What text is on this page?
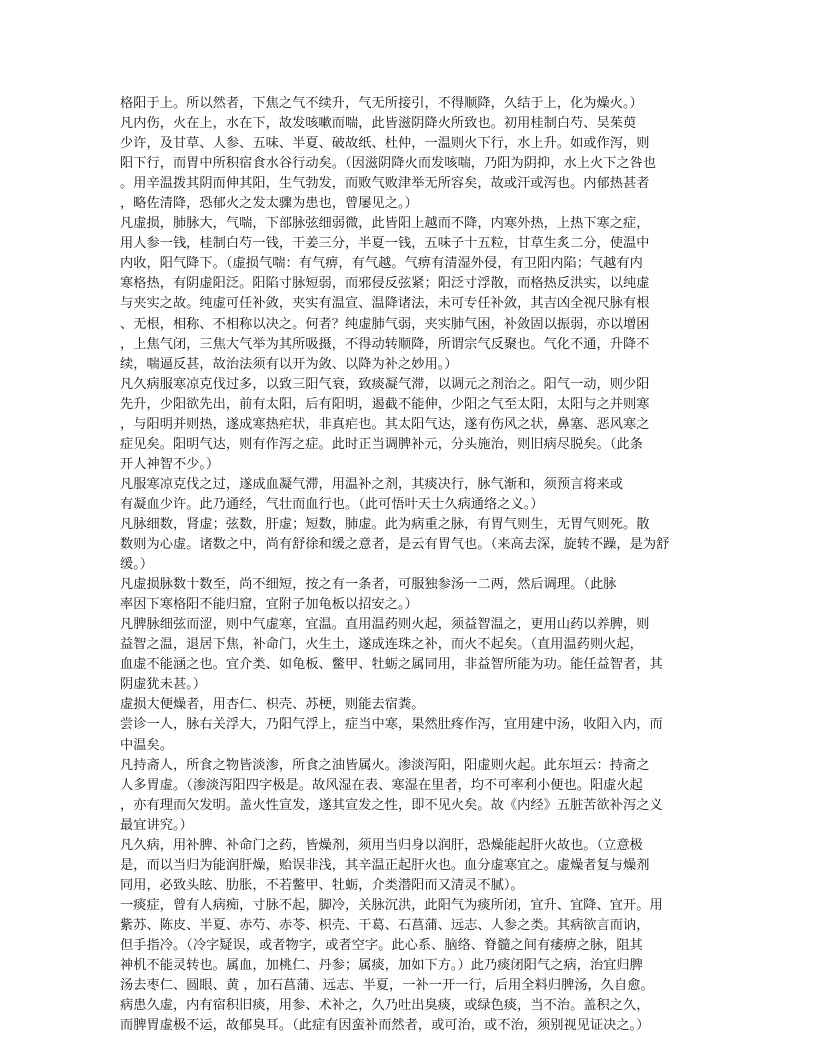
格阳于上。所以然者，下焦之气不续升，气无所接引，不得顺降，久结于上，化为燥火。）
凡内伤，火在上，水在下，故发咳嗽而喘，此皆滋阴降火所致也。初用桂制白芍、吴茱萸
少许，及甘草、人参、五味、半夏、破故纸、杜仲，一温则火下行，水上升。如或作泻，则
阳下行，而胃中所积宿食水谷行动矣。（因滋阴降火而发咳喘，乃阳为阴抑，水上火下之咎也
。用辛温拨其阴而伸其阳，生气勃发，而败气败津举无所容矣，故或汗或泻也。内郁热甚者
，略佐清降，恐郁火之发太骤为患也，曾屡见之。）
凡虚损，肺脉大，气喘，下部脉弦细弱微，此皆阳上越而不降，内寒外热，上热下寒之症，
用人参一钱，桂制白芍一钱，干姜三分，半夏一钱，五味子十五粒，甘草生炙二分，使温中
内收，阳气降下。（虚损气喘：有气痹，有气越。气痹有清湿外侵，有卫阳内陷；气越有内
寒格热，有阴虚阳泛。阳陷寸脉短弱，而邪侵反弦紧；阳泛寸浮散，而格热反洪实，以纯虚
与夹实之故。纯虚可任补敛，夹实有温宣、温降诸法，未可专任补敛，其吉凶全视尺脉有根
、无根，相称、不相称以决之。何者？纯虚肺气弱，夹实肺气困，补敛固以振弱，亦以增困
，上焦气闭，三焦大气举为其所吸摄，不得动转顺降，所谓宗气反聚也。气化不通，升降不
续，喘逼反甚，故治法须有以开为敛、以降为补之妙用。）
凡久病服寒凉克伐过多，以致三阳气衰，致痰凝气滞，以调元之剂治之。阳气一动，则少阳
先升，少阳欲先出，前有太阳，后有阳明，遏截不能伸，少阳之气至太阳，太阳与之并则寒
，与阳明并则热，遂成寒热疟状，非真疟也。其太阳气达，遂有伤风之状，鼻塞、恶风寒之
症见矣。阳明气达，则有作泻之症。此时正当调脾补元，分头施治，则旧病尽脱矣。（此条
开人神智不少。）
凡服寒凉克伐之过，遂成血凝气滞，用温补之剂，其痰决行，脉气渐和，须预言将来或
有凝血少许。此乃通经，气壮而血行也。（此可悟叶天士久病通络之义。）
凡脉细数，肾虚；弦数，肝虚；短数，肺虚。此为病重之脉，有胃气则生，无胃气则死。散
数则为心虚。诸数之中，尚有舒徐和缓之意者，是云有胃气也。（来高去深，旋转不躁，是为舒
缓。）
凡虚损脉数十数至，尚不细短，按之有一条者，可服独参汤一二两，然后调理。（此脉
率因下寒格阳不能归窟，宜附子加龟板以招安之。）
凡脾脉细弦而涩，则中气虚寒，宜温。直用温药则火起，须益智温之，更用山药以养脾，则
益智之温，退居下焦，补命门，火生土，遂成连珠之补，而火不起矣。（直用温药则火起，
血虚不能涵之也。宜介类、如龟板、鳖甲、牡蛎之属同用，非益智所能为功。能任益智者，其
阴虚犹未甚。）
虚损大便燥者，用杏仁、枳壳、苏梗，则能去宿粪。
尝诊一人，脉右关浮大，乃阳气浮上，症当中寒，果然肚疼作泻，宜用建中汤，收阳入内，而
中温矣。
凡持斋人，所食之物皆淡渗，所食之油皆属火。渗淡泻阳，阳虚则火起。此东垣云：持斋之
人多胃虚。（渗淡泻阳四字极是。故风湿在表、寒湿在里者，均不可率利小便也。阳虚火起
，亦有理而欠发明。盖火性宣发，遂其宣发之性，即不见火矣。故《内经》五脏苦欲补泻之义
最宜讲究。）
凡久病，用补脾、补命门之药，皆燥剂，须用当归身以润肝，恐燥能起肝火故也。（立意极
是，而以当归为能润肝燥，贻误非浅，其辛温正起肝火也。血分虚寒宜之。虚燥者复与燥剂
同用，必致头眩、肋胀，不若鳖甲、牡蛎，介类潜阳而又清灵不腻）。
一痰症，曾有人病痴，寸脉不起，脚冷，关脉沉洪，此阳气为痰所闭，宜升、宜降、宜开。用
紫苏、陈皮、半夏、赤芍、赤苓、枳壳、干葛、石菖蒲、远志、人参之类。其病欲言而讷，
但手指冷。（冷字疑误，或者物字，或者空字。此心系、脑络、脊髓之间有痿痹之脉，阻其
神机不能灵转也。属血，加桃仁、丹参；属痰，加如下方。）此乃痰闭阳气之病，治宜归脾
汤去枣仁、圆眼、黄 ，加石菖蒲、远志、半夏，一补一开一行，后用全料归脾汤，久自愈。
病患久虚，内有宿积旧痰，用参、术补之，久乃吐出臭痰，或绿色痰，当不治。盖积之久，
而脾胃虚极不运，故郁臭耳。（此症有因蛮补而然者，或可治，或不治，须别视见证决之。）
